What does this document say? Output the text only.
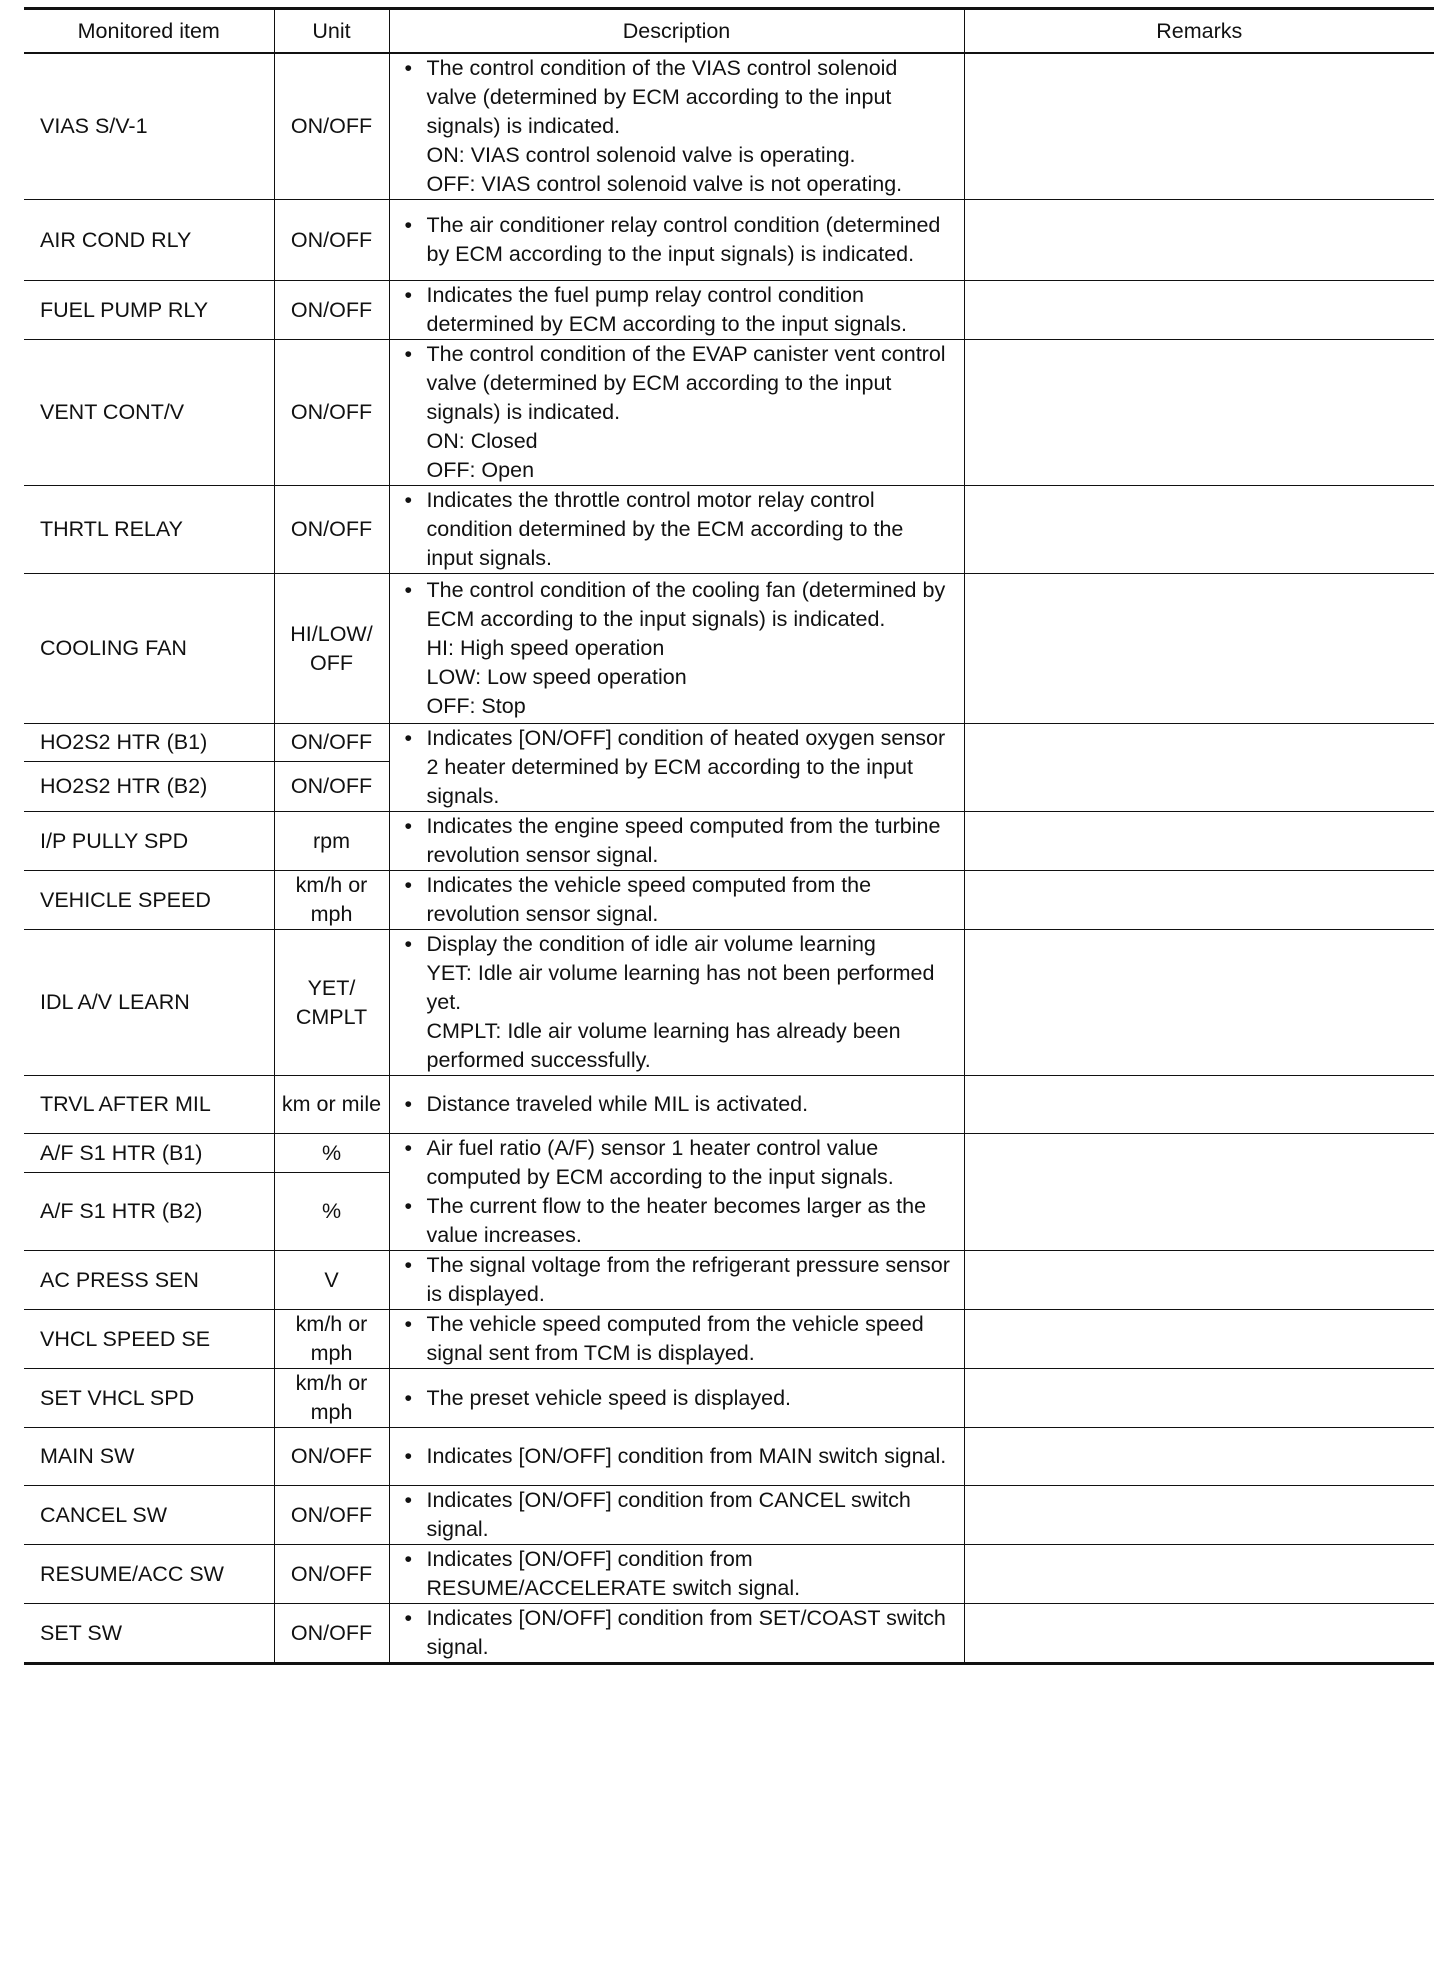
Monitored item	Unit	Description	Remarks
VIAS S/V-1	ON/OFF	• The control condition of the VIAS control solenoid valve (determined by ECM according to the input signals) is indicated.
ON: VIAS control solenoid valve is operating.
OFF: VIAS control solenoid valve is not operating.

AIR COND RLY	ON/OFF	• The air conditioner relay control condition (determined by ECM according to the input signals) is indicated.

FUEL PUMP RLY	ON/OFF	• Indicates the fuel pump relay control condition determined by ECM according to the input signals.

VENT CONT/V	ON/OFF	• The control condition of the EVAP canister vent control valve (determined by ECM according to the input signals) is indicated.
ON: Closed
OFF: Open

THRTL RELAY	ON/OFF	• Indicates the throttle control motor relay control condition determined by the ECM according to the input signals.

COOLING FAN	HI/LOW/ OFF	• The control condition of the cooling fan (determined by ECM according to the input signals) is indicated.
HI: High speed operation
LOW: Low speed operation
OFF: Stop

HO2S2 HTR (B1)	ON/OFF	• Indicates [ON/OFF] condition of heated oxygen sensor 2 heater determined by ECM according to the input signals.

HO2S2 HTR (B2)	ON/OFF		
I/P PULLY SPD	rpm	• Indicates the engine speed computed from the turbine revolution sensor signal.

VEHICLE SPEED	km/h or mph	• Indicates the vehicle speed computed from the revolution sensor signal.

IDL A/V LEARN	YET/ CMPLT	• Display the condition of idle air volume learning
YET: Idle air volume learning has not been performed yet.
CMPLT: Idle air volume learning has already been performed successfully.

TRVL AFTER MIL	km or mile	• Distance traveled while MIL is activated.

A/F S1 HTR (B1)	%	• Air fuel ratio (A/F) sensor 1 heater control value computed by ECM according to the input signals.
• The current flow to the heater becomes larger as the value increases.

A/F S1 HTR (B2)	%		
AC PRESS SEN	V	• The signal voltage from the refrigerant pressure sensor is displayed.

VHCL SPEED SE	km/h or mph	• The vehicle speed computed from the vehicle speed signal sent from TCM is displayed.

SET VHCL SPD	km/h or mph	• The preset vehicle speed is displayed.

MAIN SW	ON/OFF	• Indicates [ON/OFF] condition from MAIN switch signal.

CANCEL SW	ON/OFF	• Indicates [ON/OFF] condition from CANCEL switch signal.

RESUME/ACC SW	ON/OFF	• Indicates [ON/OFF] condition from RESUME/ACCELERATE switch signal.

SET SW	ON/OFF	• Indicates [ON/OFF] condition from SET/COAST switch signal.
